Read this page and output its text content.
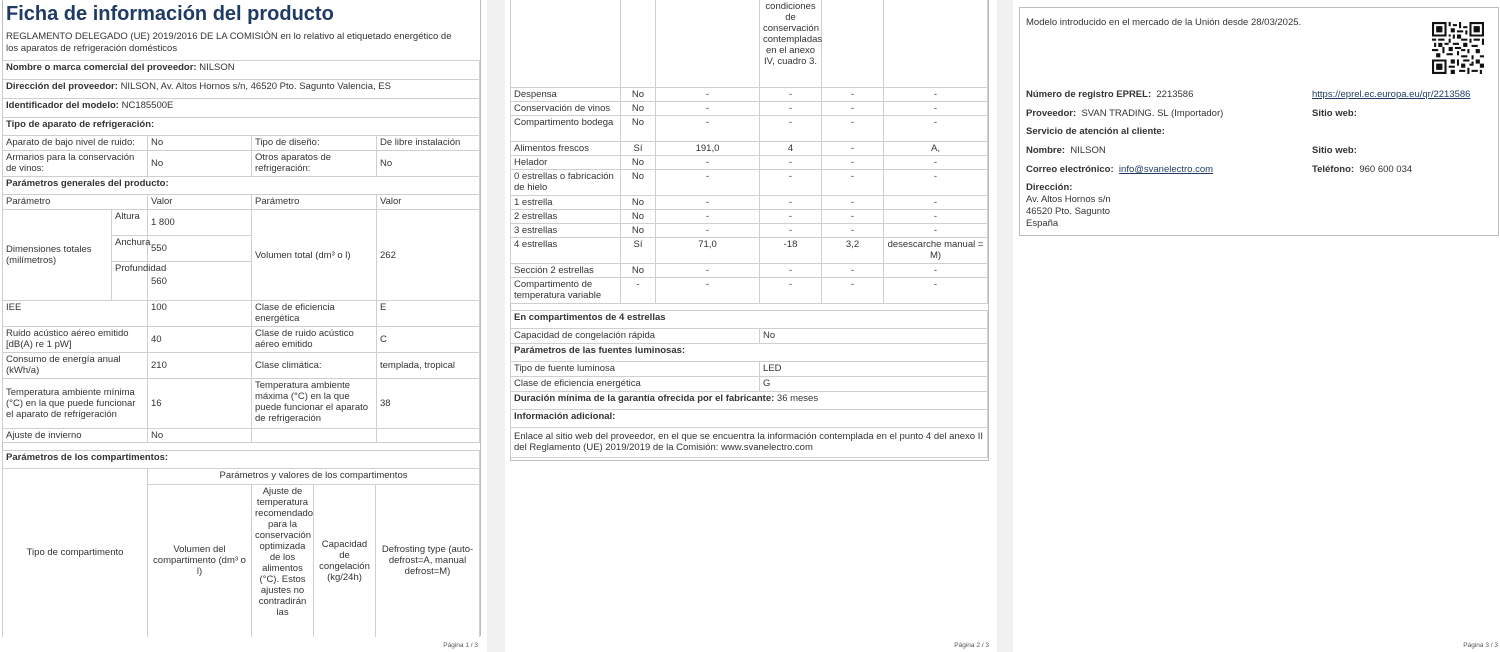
Ficha de información del producto
REGLAMENTO DELEGADO (UE) 2019/2016 DE LA COMISIÓN en lo relativo al etiquetado energético de los aparatos de refrigeración domésticos
Nombre o marca comercial del proveedor: NILSON				
Dirección del proveedor: NILSON, Av. Altos Hornos s/n, 46520 Pto. Sagunto Valencia, ES				
Identificador del modelo: NC185500E				
Tipo de aparato de refrigeración:				
Aparato de bajo nivel de ruido:		No	Tipo de diseño:	De libre instalación
Armarios para la conservación de vinos:		No	Otros aparatos de refrigeración:	No
Parámetros generales del producto:				
Parámetro		Valor	Parámetro	Valor
Dimensiones totales (milímetros)	Altura	1 800	Volumen total (dm³ o l)	262
	Anchura	550		
	Profundidad	560		
IEE		100	Clase de eficiencia energética	E
Ruido acústico aéreo emitido [dB(A) re 1 pW]		40	Clase de ruido acústico aéreo emitido	C
Consumo de energía anual (kWh/a)		210	Clase climática:	templada, tropical
Temperatura ambiente mínima (°C) en la que puede funcionar el aparato de refrigeración		16	Temperatura ambiente máxima (°C) en la que puede funcionar el aparato de refrigeración	38
Ajuste de invierno		No		
Parámetros de los compartimentos:				
Tipo de compartimento	Parámetros y valores de los compartimentos			
	Volumen del compartimento (dm³ o l)	Ajuste de temperatura recomendado para la conservación optimizada de los alimentos (°C). Estos ajustes no contradirán las	Capacidad de congelación (kg/24h)	Defrosting type (auto-defrost=A, manual defrost=M)
Página 1 / 3
			condiciones de conservación contempladas en el anexo IV, cuadro 3.		
Despensa	No	-	-	-	-
Conservación de vinos	No	-	-	-	-
Compartimento bodega	No	-	-	-	-
Alimentos frescos	Sí	191,0	4	-	A,
Helador	No	-	-	-	-
0 estrellas o fabricación de hielo	No	-	-	-	-
1 estrella	No	-	-	-	-
2 estrellas	No	-	-	-	-
3 estrellas	No	-	-	-	-
4 estrellas	Sí	71,0	-18	3,2	desescarche manual = M)
Sección 2 estrellas	No	-	-	-	-
Compartimento de temperatura variable	-	-	-	-	-
En compartimentos de 4 estrellas	
Capacidad de congelación rápida	No
Parámetros de las fuentes luminosas:	
Tipo de fuente luminosa	LED
Clase de eficiencia energética	G
Duración mínima de la garantía ofrecida por el fabricante: 36 meses	
Información adicional:	
Enlace al sitio web del proveedor, en el que se encuentra la información contemplada en el punto 4 del anexo II del Reglamento (UE) 2019/2019 de la Comisión: www.svanelectro.com	
Página 2 / 3
Modelo introducido en el mercado de la Unión desde 28/03/2025.
Número de registro EPREL: 2213586	https://eprel.ec.europa.eu/qr/2213586
Proveedor: SVAN TRADING. SL (Importador)	Sitio web:
Servicio de atención al cliente:
Nombre: NILSON	Sitio web:
Correo electrónico: info@svanelectro.com	Teléfono: 960 600 034
Dirección:
Av. Altos Hornos s/n
46520 Pto. Sagunto
España
Página 3 / 3
